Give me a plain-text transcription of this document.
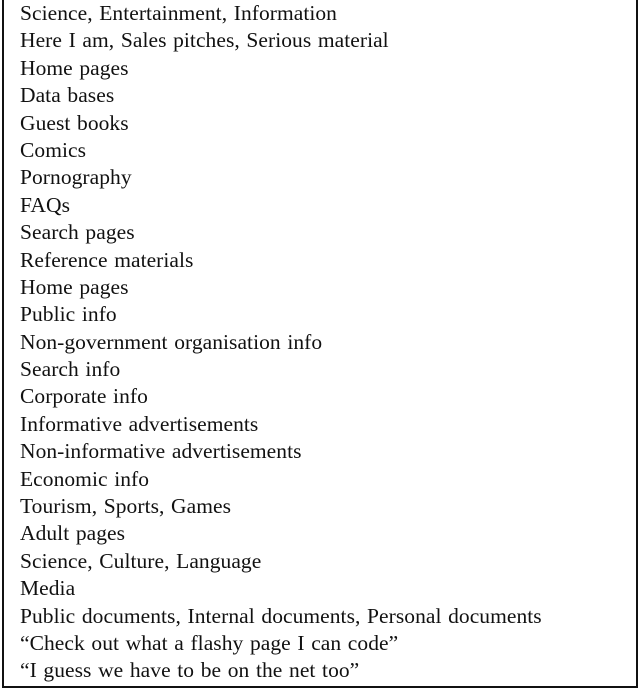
Science, Entertainment, Information
Here I am, Sales pitches, Serious material
Home pages
Data bases
Guest books
Comics
Pornography
FAQs
Search pages
Reference materials
Home pages
Public info
Non-government organisation info
Search info
Corporate info
Informative advertisements
Non-informative advertisements
Economic info
Tourism, Sports, Games
Adult pages
Science, Culture, Language
Media
Public documents, Internal documents, Personal documents
“Check out what a flashy page I can code”
“I guess we have to be on the net too”
